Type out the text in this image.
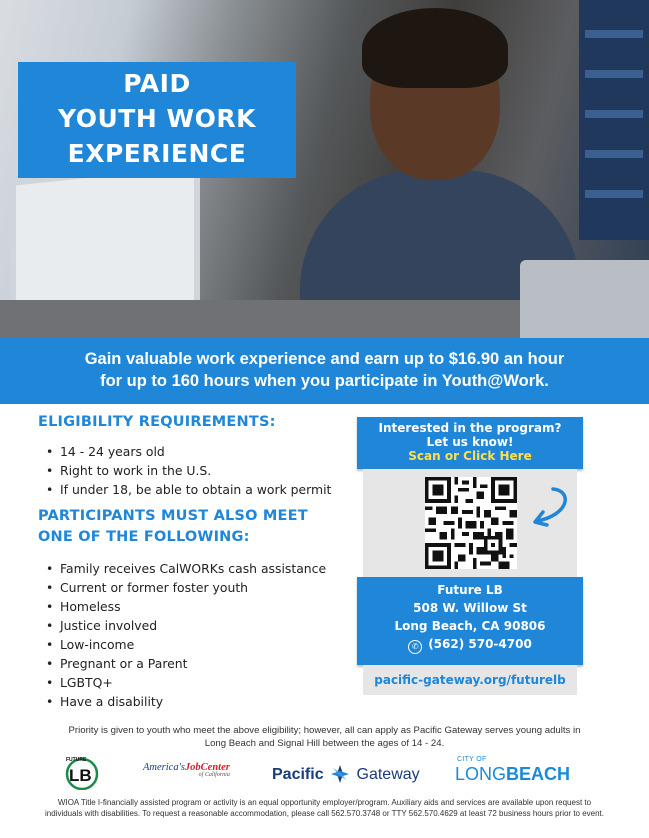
PAID
YOUTH WORK
EXPERIENCE
Gain valuable work experience and earn up to $16.90 an hour
for up to 160 hours when you participate in Youth@Work.
ELIGIBILITY REQUIREMENTS:
• 14 - 24 years old
• Right to work in the U.S.
• If under 18, be able to obtain a work permit
PARTICIPANTS MUST ALSO MEET
ONE OF THE FOLLOWING:
• Family receives CalWORKs cash assistance
• Current or former foster youth
• Homeless
• Justice involved
• Low-income
• Pregnant or a Parent
• LGBTQ+
• Have a disability
Interested in the program?
Let us know!
Scan or Click Here
Future LB
508 W. Willow St
Long Beach, CA 90806
✆ (562) 570-4700
pacific-gateway.org/futurelb
Priority is given to youth who meet the above eligibility; however, all can apply as Pacific Gateway serves young adults in
Long Beach and Signal Hill between the ages of 14 - 24.
LB
FUTURE
America'sJobCenter
of California	Pacific Gateway
CITY OF
LONGBEACH
WIOA Title I-financially assisted program or activity is an equal opportunity employer/program. Auxiliary aids and services are available upon request to
individuals with disabilities. To request a reasonable accommodation, please call 562.570.3748 or TTY 562.570.4629 at least 72 business hours prior to event.
